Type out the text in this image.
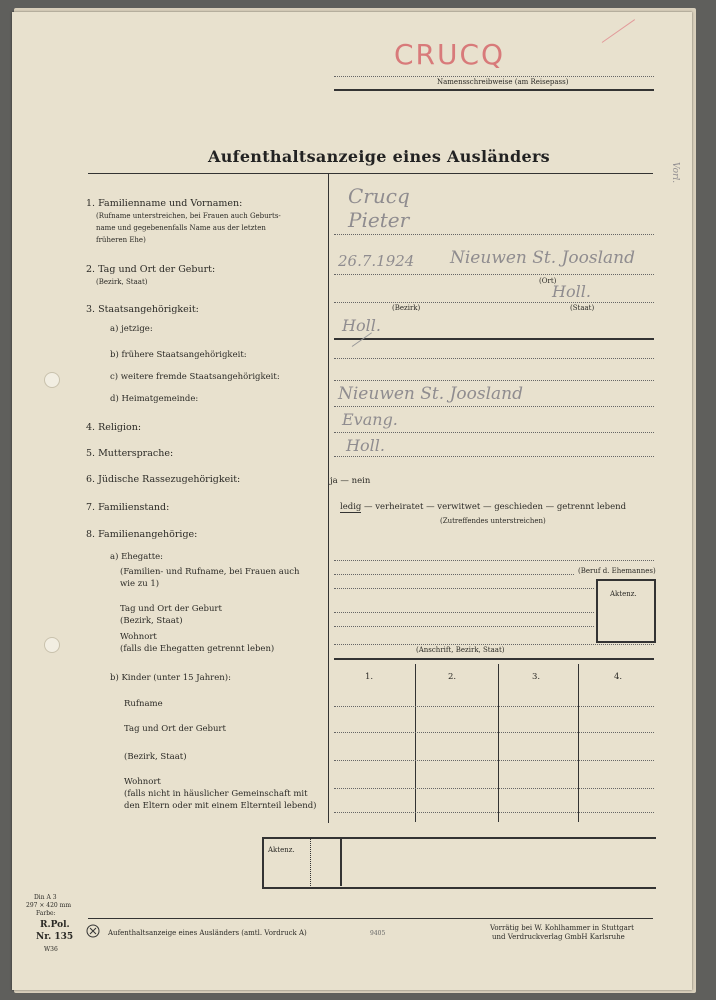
Vorl.
CRUCQ
Namensschreibweise (am Reisepass)
Aufenthaltsanzeige eines Ausländers
1. Familienname und Vornamen:
(Rufname unterstreichen, bei Frauen auch Geburts-
name und gegebenenfalls Name aus der letzten
früheren Ehe)
Crucq
Pieter
2. Tag und Ort der Geburt:
(Bezirk, Staat)
26.7.1924 Nieuwen St. Joosland
(Ort)
Holl.
(Bezirk)	(Staat)
3. Staatsangehörigkeit:
a) jetzige:	Holl.
b) frühere Staatsangehörigkeit:
c) weitere fremde Staatsangehörigkeit:
d) Heimatgemeinde:	Nieuwen St. Joosland
4. Religion:	Evang.
5. Muttersprache:	Holl.
6. Jüdische Rassezugehörigkeit:	ja — nein
7. Familienstand:	ledig — verheiratet — verwitwet — geschieden — getrennt lebend
(Zutreffendes unterstreichen)
8. Familienangehörige:
a) Ehegatte:
(Familien- und Rufname, bei Frauen auch
wie zu 1)
(Beruf d. Ehemannes)
Tag und Ort der Geburt
(Bezirk, Staat)
Wohnort
(falls die Ehegatten getrennt leben)	(Anschrift, Bezirk, Staat)
Aktenz.
b) Kinder (unter 15 Jahren):	1.	2.	3.	4.
Rufname
Tag und Ort der Geburt
(Bezirk, Staat)
Wohnort
(falls nicht in häuslicher Gemeinschaft mit
den Eltern oder mit einem Elternteil lebend)
Aktenz.
Din A 3
297 × 420 mm
Farbe:
R.Pol.
Nr. 135
W36
Aufenthaltsanzeige eines Ausländers (amtl. Vordruck A)	9405
Vorrätig bei W. Kohlhammer in Stuttgart
und Verdruckverlag GmbH Karlsruhe
